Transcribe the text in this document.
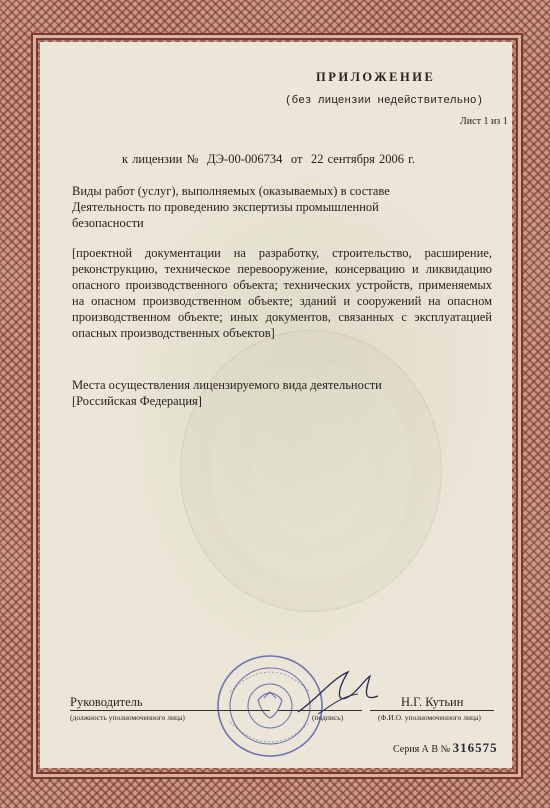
ПРИЛОЖЕНИЕ

(без лицензии недействительно)

Лист 1 из 1

к лицензии № ДЭ-00-006734 от 22 сентября 2006 г.

Виды работ (услуг), выполняемых (оказываемых) в составе
Деятельность по проведению экспертизы промышленной безопасности

[проектной документации на разработку, строительство, расширение, реконструкцию, техническое перевооружение, консервацию и ликвидацию опасного производственного объекта; технических устройств, применяемых на опасном производственном объекте; зданий и сооружений на опасном производственном объекте; иных документов, связанных с эксплуатацией опасных производственных объектов]

Места осуществления лицензируемого вида деятельности

[Российская Федерация]

Руководитель

(должность уполномоченного лица)	(подпись)

Н.Г. Кутьин

(Ф.И.О. уполномоченного лица)

Серия А В № 316575
